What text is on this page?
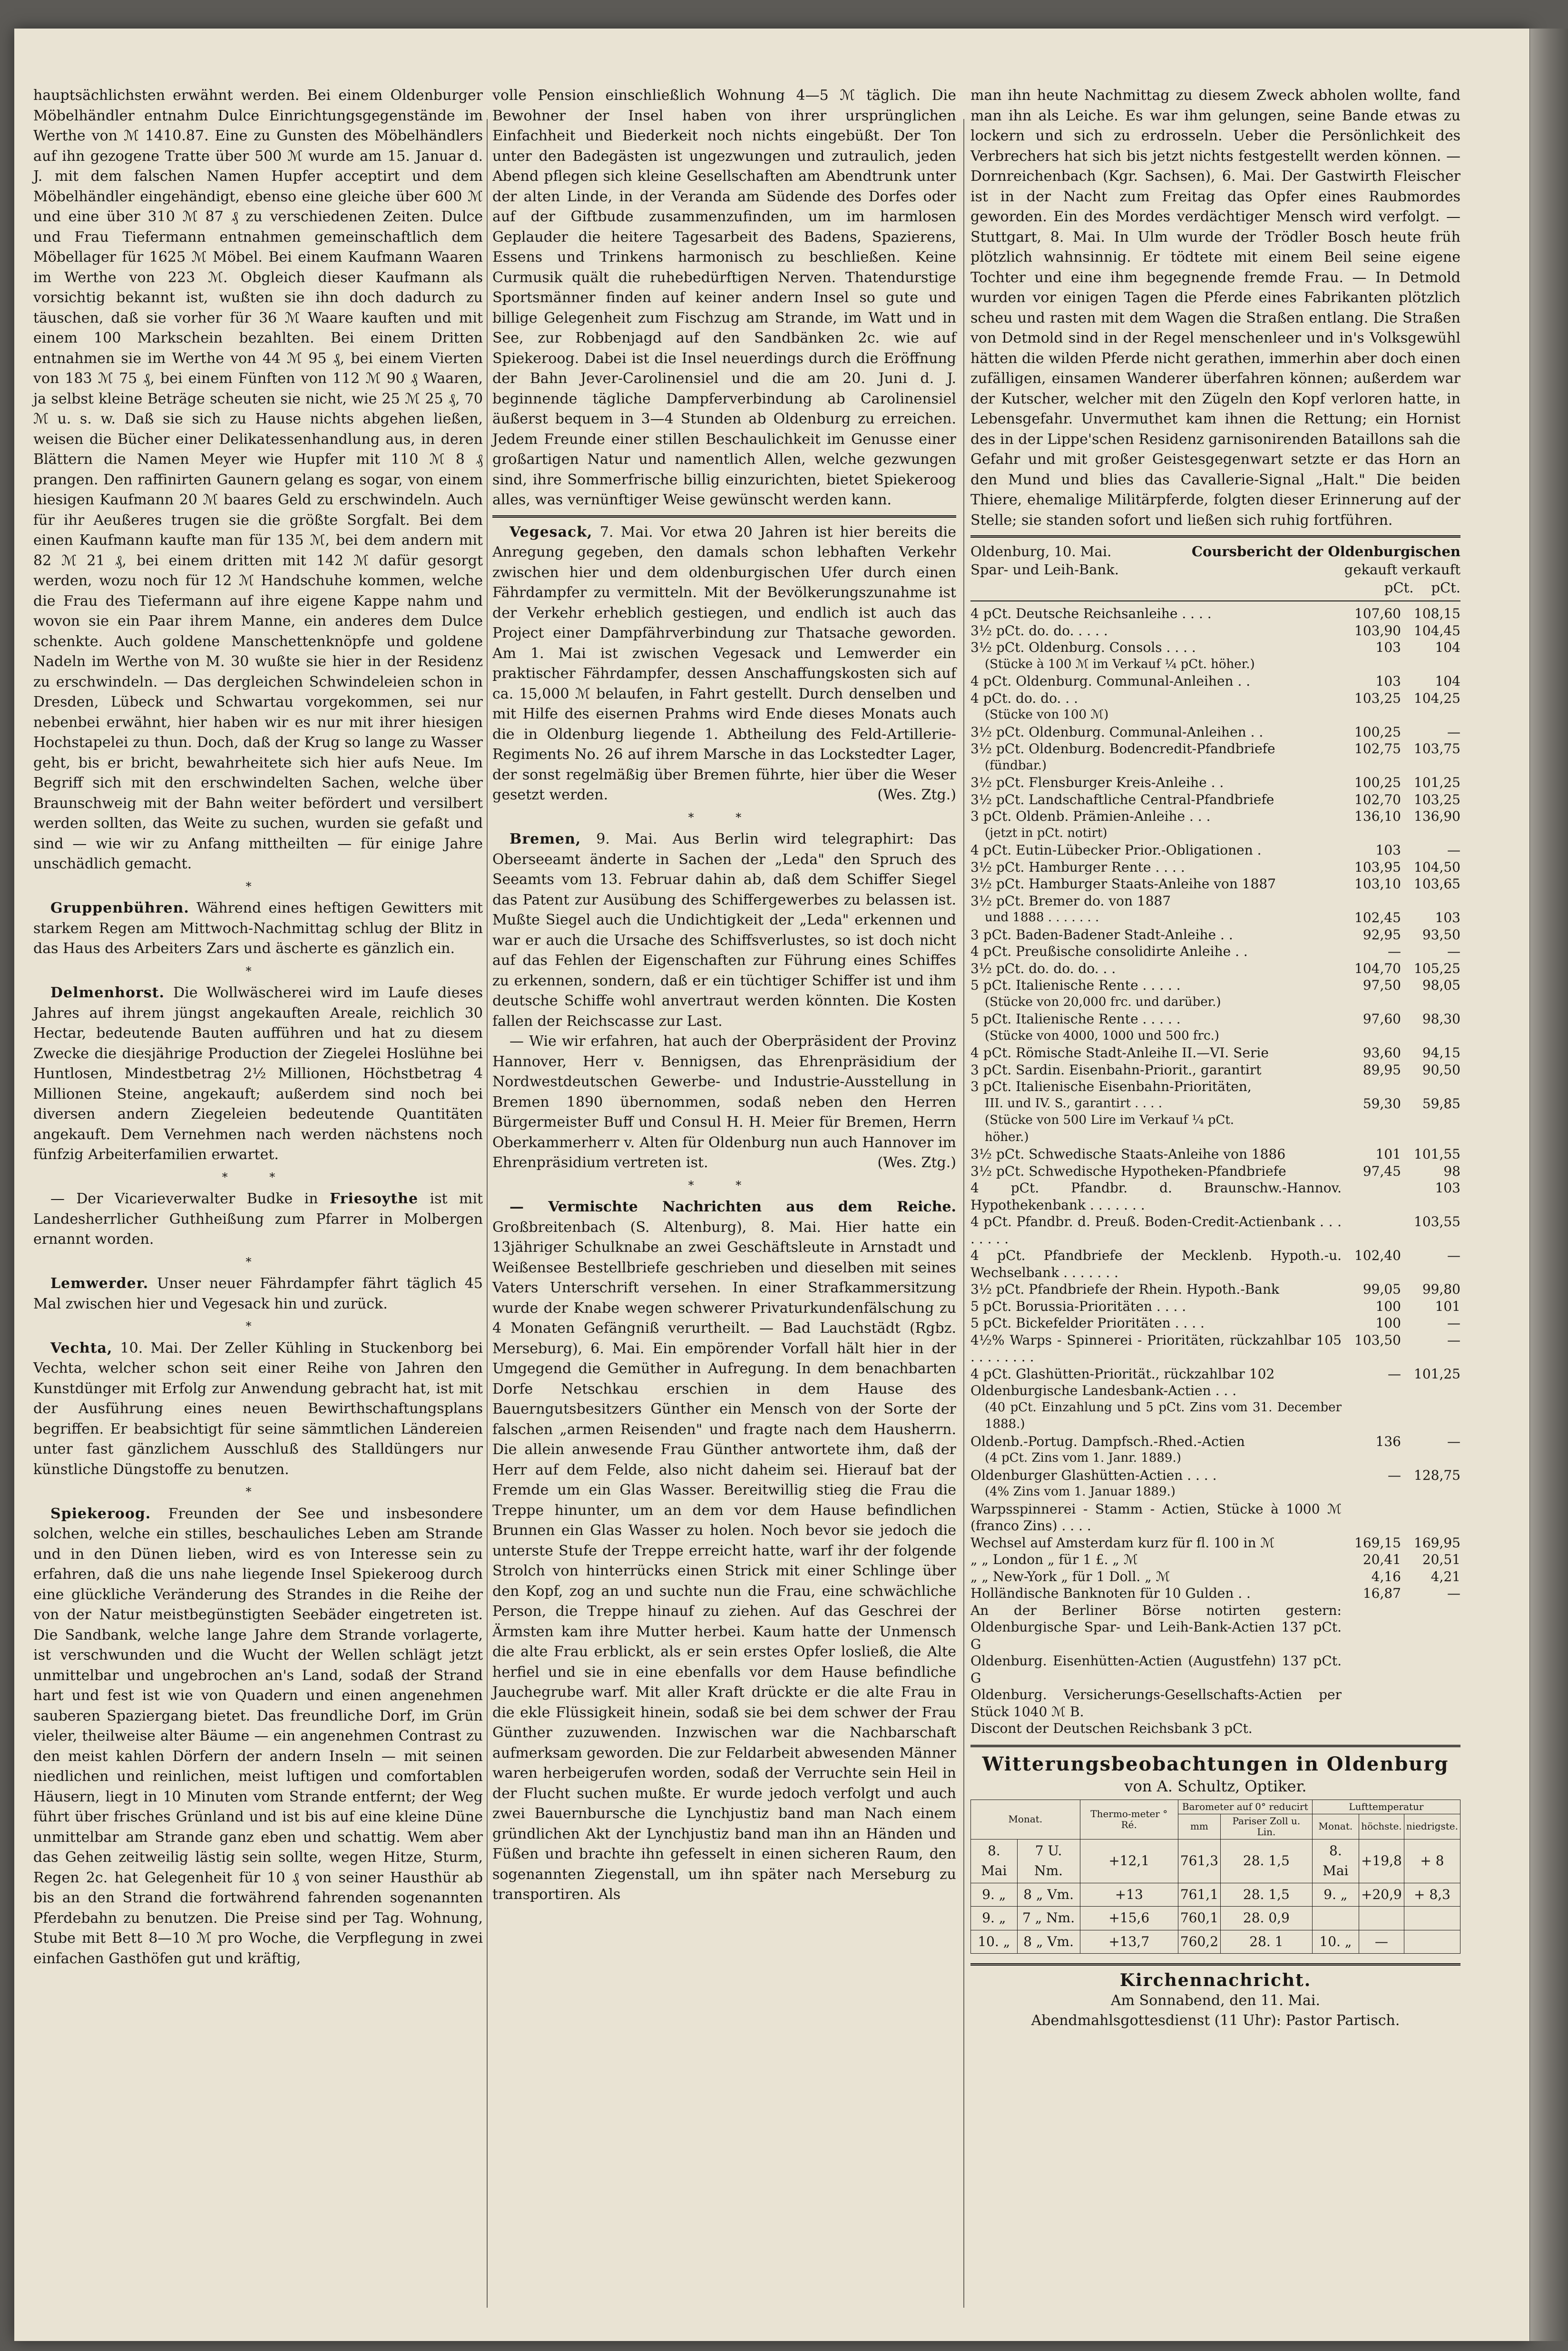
hauptsächlichsten erwähnt werden. Bei einem Oldenburger Möbelhändler entnahm Dulce Einrichtungsgegenstände im Werthe von ℳ 1410.87. Eine zu Gunsten des Möbelhändlers auf ihn gezogene Tratte über 500 ℳ wurde am 15. Januar d. J. mit dem falschen Namen Hupfer acceptirt und dem Möbelhändler eingehändigt, ebenso eine gleiche über 600 ℳ und eine über 310 ℳ 87 ₰ zu verschiedenen Zeiten. Dulce und Frau Tiefermann entnahmen gemeinschaftlich dem Möbellager für 1625 ℳ Möbel. Bei einem Kaufmann Waaren im Werthe von 223 ℳ. Obgleich dieser Kaufmann als vorsichtig bekannt ist, wußten sie ihn doch dadurch zu täuschen, daß sie vorher für 36 ℳ Waare kauften und mit einem 100 Markschein bezahlten. Bei einem Dritten entnahmen sie im Werthe von 44 ℳ 95 ₰, bei einem Vierten von 183 ℳ 75 ₰, bei einem Fünften von 112 ℳ 90 ₰ Waaren, ja selbst kleine Beträge scheuten sie nicht, wie 25 ℳ 25 ₰, 70 ℳ u. s. w. Daß sie sich zu Hause nichts abgehen ließen, weisen die Bücher einer Delikatessenhandlung aus, in deren Blättern die Namen Meyer wie Hupfer mit 110 ℳ 8 ₰ prangen. Den raffinirten Gaunern gelang es sogar, von einem hiesigen Kaufmann 20 ℳ baares Geld zu erschwindeln. Auch für ihr Aeußeres trugen sie die größte Sorgfalt. Bei dem einen Kaufmann kaufte man für 135 ℳ, bei dem andern mit 82 ℳ 21 ₰, bei einem dritten mit 142 ℳ dafür gesorgt werden, wozu noch für 12 ℳ Handschuhe kommen, welche die Frau des Tiefermann auf ihre eigene Kappe nahm und wovon sie ein Paar ihrem Manne, ein anderes dem Dulce schenkte. Auch goldene Manschettenknöpfe und goldene Nadeln im Werthe von M. 30 wußte sie hier in der Residenz zu erschwindeln. — Das dergleichen Schwindeleien schon in Dresden, Lübeck und Schwartau vorgekommen, sei nur nebenbei erwähnt, hier haben wir es nur mit ihrer hiesigen Hochstapelei zu thun. Doch, daß der Krug so lange zu Wasser geht, bis er bricht, bewahrheitete sich hier aufs Neue. Im Begriff sich mit den erschwindelten Sachen, welche über Braunschweig mit der Bahn weiter befördert und versilbert werden sollten, das Weite zu suchen, wurden sie gefaßt und sind — wie wir zu Anfang mittheilten — für einige Jahre unschädlich gemacht.

*

Gruppenbühren. Während eines heftigen Gewitters mit starkem Regen am Mittwoch-Nachmittag schlug der Blitz in das Haus des Arbeiters Zars und äscherte es gänzlich ein.

*

Delmenhorst. Die Wollwäscherei wird im Laufe dieses Jahres auf ihrem jüngst angekauften Areale, reichlich 30 Hectar, bedeutende Bauten aufführen und hat zu diesem Zwecke die diesjährige Production der Ziegelei Hoslühne bei Huntlosen, Mindestbetrag 2½ Millionen, Höchstbetrag 4 Millionen Steine, angekauft; außerdem sind noch bei diversen andern Ziegeleien bedeutende Quantitäten angekauft. Dem Vernehmen nach werden nächstens noch fünfzig Arbeiterfamilien erwartet.

* *

— Der Vicarieverwalter Budke in Friesoythe ist mit Landesherrlicher Guthheißung zum Pfarrer in Molbergen ernannt worden.

*

Lemwerder. Unser neuer Fährdampfer fährt täglich 45 Mal zwischen hier und Vegesack hin und zurück.

*

Vechta, 10. Mai. Der Zeller Kühling in Stuckenborg bei Vechta, welcher schon seit einer Reihe von Jahren den Kunstdünger mit Erfolg zur Anwendung gebracht hat, ist mit der Ausführung eines neuen Bewirthschaftungsplans begriffen. Er beabsichtigt für seine sämmtlichen Ländereien unter fast gänzlichem Ausschluß des Stalldüngers nur künstliche Düngstoffe zu benutzen.

*

Spiekeroog. Freunden der See und insbesondere solchen, welche ein stilles, beschauliches Leben am Strande und in den Dünen lieben, wird es von Interesse sein zu erfahren, daß die uns nahe liegende Insel Spiekeroog durch eine glückliche Veränderung des Strandes in die Reihe der von der Natur meistbegünstigten Seebäder eingetreten ist. Die Sandbank, welche lange Jahre dem Strande vorlagerte, ist verschwunden und die Wucht der Wellen schlägt jetzt unmittelbar und ungebrochen an's Land, sodaß der Strand hart und fest ist wie von Quadern und einen angenehmen sauberen Spaziergang bietet. Das freundliche Dorf, im Grün vieler, theilweise alter Bäume — ein angenehmen Contrast zu den meist kahlen Dörfern der andern Inseln — mit seinen niedlichen und reinlichen, meist luftigen und comfortablen Häusern, liegt in 10 Minuten vom Strande entfernt; der Weg führt über frisches Grünland und ist bis auf eine kleine Düne unmittelbar am Strande ganz eben und schattig. Wem aber das Gehen zeitweilig lästig sein sollte, wegen Hitze, Sturm, Regen 2c. hat Gelegenheit für 10 ₰ von seiner Hausthür ab bis an den Strand die fortwährend fahrenden sogenannten Pferdebahn zu benutzen. Die Preise sind per Tag. Wohnung, Stube mit Bett 8—10 ℳ pro Woche, die Verpflegung in zwei einfachen Gasthöfen gut und kräftig,

volle Pension einschließlich Wohnung 4—5 ℳ täglich. Die Bewohner der Insel haben von ihrer ursprünglichen Einfachheit und Biederkeit noch nichts eingebüßt. Der Ton unter den Badegästen ist ungezwungen und zutraulich, jeden Abend pflegen sich kleine Gesellschaften am Abendtrunk unter der alten Linde, in der Veranda am Südende des Dorfes oder auf der Giftbude zusammenzufinden, um im harmlosen Geplauder die heitere Tagesarbeit des Badens, Spazierens, Essens und Trinkens harmonisch zu beschließen. Keine Curmusik quält die ruhebedürftigen Nerven. Thatendurstige Sportsmänner finden auf keiner andern Insel so gute und billige Gelegenheit zum Fischzug am Strande, im Watt und in See, zur Robbenjagd auf den Sandbänken 2c. wie auf Spiekeroog. Dabei ist die Insel neuerdings durch die Eröffnung der Bahn Jever-Carolinensiel und die am 20. Juni d. J. beginnende tägliche Dampferverbindung ab Carolinensiel äußerst bequem in 3—4 Stunden ab Oldenburg zu erreichen. Jedem Freunde einer stillen Beschaulichkeit im Genusse einer großartigen Natur und namentlich Allen, welche gezwungen sind, ihre Sommerfrische billig einzurichten, bietet Spiekeroog alles, was vernünftiger Weise gewünscht werden kann.

Vegesack, 7. Mai. Vor etwa 20 Jahren ist hier bereits die Anregung gegeben, den damals schon lebhaften Verkehr zwischen hier und dem oldenburgischen Ufer durch einen Fährdampfer zu vermitteln. Mit der Bevölkerungszunahme ist der Verkehr erheblich gestiegen, und endlich ist auch das Project einer Dampfährverbindung zur Thatsache geworden. Am 1. Mai ist zwischen Vegesack und Lemwerder ein praktischer Fährdampfer, dessen Anschaffungskosten sich auf ca. 15,000 ℳ belaufen, in Fahrt gestellt. Durch denselben und mit Hilfe des eisernen Prahms wird Ende dieses Monats auch die in Oldenburg liegende 1. Abtheilung des Feld-Artillerie-Regiments No. 26 auf ihrem Marsche in das Lockstedter Lager, der sonst regelmäßig über Bremen führte, hier über die Weser gesetzt werden.	(Wes. Ztg.)

* *

Bremen, 9. Mai. Aus Berlin wird telegraphirt: Das Oberseeamt änderte in Sachen der „Leda" den Spruch des Seeamts vom 13. Februar dahin ab, daß dem Schiffer Siegel das Patent zur Ausübung des Schiffergewerbes zu belassen ist. Mußte Siegel auch die Undichtigkeit der „Leda" erkennen und war er auch die Ursache des Schiffsverlustes, so ist doch nicht auf das Fehlen der Eigenschaften zur Führung eines Schiffes zu erkennen, sondern, daß er ein tüchtiger Schiffer ist und ihm deutsche Schiffe wohl anvertraut werden könnten. Die Kosten fallen der Reichscasse zur Last.

— Wie wir erfahren, hat auch der Oberpräsident der Provinz Hannover, Herr v. Bennigsen, das Ehrenpräsidium der Nordwestdeutschen Gewerbe- und Industrie-Ausstellung in Bremen 1890 übernommen, sodaß neben den Herren Bürgermeister Buff und Consul H. H. Meier für Bremen, Herrn Oberkammerherr v. Alten für Oldenburg nun auch Hannover im Ehrenpräsidium vertreten ist.	(Wes. Ztg.)

* *

— Vermischte Nachrichten aus dem Reiche. Großbreitenbach (S. Altenburg), 8. Mai. Hier hatte ein 13jähriger Schulknabe an zwei Geschäftsleute in Arnstadt und Weißensee Bestellbriefe geschrieben und dieselben mit seines Vaters Unterschrift versehen. In einer Strafkammersitzung wurde der Knabe wegen schwerer Privaturkundenfälschung zu 4 Monaten Gefängniß verurtheilt. — Bad Lauchstädt (Rgbz. Merseburg), 6. Mai. Ein empörender Vorfall hält hier in der Umgegend die Gemüther in Aufregung. In dem benachbarten Dorfe Netschkau erschien in dem Hause des Bauerngutsbesitzers Günther ein Mensch von der Sorte der falschen „armen Reisenden" und fragte nach dem Hausherrn. Die allein anwesende Frau Günther antwortete ihm, daß der Herr auf dem Felde, also nicht daheim sei. Hierauf bat der Fremde um ein Glas Wasser. Bereitwillig stieg die Frau die Treppe hinunter, um an dem vor dem Hause befindlichen Brunnen ein Glas Wasser zu holen. Noch bevor sie jedoch die unterste Stufe der Treppe erreicht hatte, warf ihr der folgende Strolch von hinterrücks einen Strick mit einer Schlinge über den Kopf, zog an und suchte nun die Frau, eine schwächliche Person, die Treppe hinauf zu ziehen. Auf das Geschrei der Ärmsten kam ihre Mutter herbei. Kaum hatte der Unmensch die alte Frau erblickt, als er sein erstes Opfer losließ, die Alte herfiel und sie in eine ebenfalls vor dem Hause befindliche Jauchegrube warf. Mit aller Kraft drückte er die alte Frau in die ekle Flüssigkeit hinein, sodaß sie bei dem schwer der Frau Günther zuzuwenden. Inzwischen war die Nachbarschaft aufmerksam geworden. Die zur Feldarbeit abwesenden Männer waren herbeigerufen worden, sodaß der Verruchte sein Heil in der Flucht suchen mußte. Er wurde jedoch verfolgt und auch zwei Bauernbursche die Lynchjustiz band man Nach einem gründlichen Akt der Lynchjustiz band man ihn an Händen und Füßen und brachte ihn gefesselt in einen sicheren Raum, den sogenannten Ziegenstall, um ihn später nach Merseburg zu transportiren. Als

man ihn heute Nachmittag zu diesem Zweck abholen wollte, fand man ihn als Leiche. Es war ihm gelungen, seine Bande etwas zu lockern und sich zu erdrosseln. Ueber die Persönlichkeit des Verbrechers hat sich bis jetzt nichts festgestellt werden können. — Dornreichenbach (Kgr. Sachsen), 6. Mai. Der Gastwirth Fleischer ist in der Nacht zum Freitag das Opfer eines Raubmordes geworden. Ein des Mordes verdächtiger Mensch wird verfolgt. — Stuttgart, 8. Mai. In Ulm wurde der Trödler Bosch heute früh plötzlich wahnsinnig. Er tödtete mit einem Beil seine eigene Tochter und eine ihm begegnende fremde Frau. — In Detmold wurden vor einigen Tagen die Pferde eines Fabrikanten plötzlich scheu und rasten mit dem Wagen die Straßen entlang. Die Straßen von Detmold sind in der Regel menschenleer und in's Volksgewühl hätten die wilden Pferde nicht gerathen, immerhin aber doch einen zufälligen, einsamen Wanderer überfahren können; außerdem war der Kutscher, welcher mit den Zügeln den Kopf verloren hatte, in Lebensgefahr. Unvermuthet kam ihnen die Rettung; ein Hornist des in der Lippe'schen Residenz garnisonirenden Bataillons sah die Gefahr und mit großer Geistesgegenwart setzte er das Horn an den Mund und blies das Cavallerie-Signal „Halt." Die beiden Thiere, ehemalige Militärpferde, folgten dieser Erinnerung auf der Stelle; sie standen sofort und ließen sich ruhig fortführen.

Oldenburg, 10. Mai.
Spar- und Leih-Bank.
Coursbericht der Oldenburgischen
gekauft verkauft
pCt. pCt.
4 pCt. Deutsche Reichsanleihe . . . .	107,60	108,15
3½ pCt. do. do. . . . .	103,90	104,45
3½ pCt. Oldenburg. Consols . . . .	103	104
(Stücke à 100 ℳ im Verkauf ¼ pCt. höher.)		
4 pCt. Oldenburg. Communal-Anleihen . .	103	104
4 pCt. do. do. . .	103,25	104,25
(Stücke von 100 ℳ)		
3½ pCt. Oldenburg. Communal-Anleihen . .	100,25	—
3½ pCt. Oldenburg. Bodencredit-Pfandbriefe	102,75	103,75
(fündbar.)		
3½ pCt. Flensburger Kreis-Anleihe . .	100,25	101,25
3½ pCt. Landschaftliche Central-Pfandbriefe	102,70	103,25
3 pCt. Oldenb. Prämien-Anleihe . . .	136,10	136,90
(jetzt in pCt. notirt)		
4 pCt. Eutin-Lübecker Prior.-Obligationen .	103	—
3½ pCt. Hamburger Rente . . . .	103,95	104,50
3½ pCt. Hamburger Staats-Anleihe von 1887	103,10	103,65
3½ pCt. Bremer do. von 1887		
und 1888 . . . . . . .	102,45	103
3 pCt. Baden-Badener Stadt-Anleihe . .	92,95	93,50
4 pCt. Preußische consolidirte Anleihe . .	—	—
3½ pCt. do. do. do. . .	104,70	105,25
5 pCt. Italienische Rente . . . . .	97,50	98,05
(Stücke von 20,000 frc. und darüber.)		
5 pCt. Italienische Rente . . . . .	97,60	98,30
(Stücke von 4000, 1000 und 500 frc.)		
4 pCt. Römische Stadt-Anleihe II.—VI. Serie	93,60	94,15
3 pCt. Sardin. Eisenbahn-Priorit., garantirt	89,95	90,50
3 pCt. Italienische Eisenbahn-Prioritäten,		
III. und IV. S., garantirt . . . .	59,30	59,85
(Stücke von 500 Lire im Verkauf ¼ pCt.		
höher.)		
3½ pCt. Schwedische Staats-Anleihe von 1886	101	101,55
3½ pCt. Schwedische Hypotheken-Pfandbriefe	97,45	98
4 pCt. Pfandbr. d. Braunschw.-Hannov. Hypothekenbank . . . . . . .		103
4 pCt. Pfandbr. d. Preuß. Boden-Credit-Actienbank . . . . . . . .		103,55
4 pCt. Pfandbriefe der Mecklenb. Hypoth.-u. Wechselbank . . . . . . .	102,40	—
3½ pCt. Pfandbriefe der Rhein. Hypoth.-Bank	99,05	99,80
5 pCt. Borussia-Prioritäten . . . .	100	101
5 pCt. Bickefelder Prioritäten . . . .	100	—
4½% Warps - Spinnerei - Prioritäten, rückzahlbar 105 . . . . . . . .	103,50	—
4 pCt. Glashütten-Priorität., rückzahlbar 102	—	101,25
Oldenburgische Landesbank-Actien . . .		
(40 pCt. Einzahlung und 5 pCt. Zins vom 31. December 1888.)		
Oldenb.-Portug. Dampfsch.-Rhed.-Actien	136	—
(4 pCt. Zins vom 1. Janr. 1889.)		
Oldenburger Glashütten-Actien . . . .	—	128,75
(4% Zins vom 1. Januar 1889.)		
Warpsspinnerei - Stamm - Actien, Stücke à 1000 ℳ (franco Zins) . . . .		
Wechsel auf Amsterdam kurz für fl. 100 in ℳ	169,15	169,95
„ „ London „ für 1 £. „ ℳ	20,41	20,51
„ „ New-York „ für 1 Doll. „ ℳ	4,16	4,21
Holländische Banknoten für 10 Gulden . .	16,87	—
An der Berliner Börse notirten gestern: Oldenburgische Spar- und Leih-Bank-Actien 137 pCt. G		
Oldenburg. Eisenhütten-Actien (Augustfehn) 137 pCt. G		
Oldenburg. Versicherungs-Gesellschafts-Actien per Stück 1040 ℳ B.		
Discont der Deutschen Reichsbank 3 pCt.		
Witterungsbeobachtungen in Oldenburg
von A. Schultz, Optiker.
Monat.		Thermo-meter ° Ré.	Barometer auf 0° reducirt		Lufttemperatur		
			mm	Pariser Zoll u. Lin.	Monat.	höchste.	niedrigste.
8. Mai	7 U. Nm.	+12,1	761,3	28. 1,5	8. Mai	+19,8	+ 8
9. „	8 „ Vm.	+13	761,1	28. 1,5	9. „	+20,9	+ 8,3
9. „	7 „ Nm.	+15,6	760,1	28. 0,9			
10. „	8 „ Vm.	+13,7	760,2	28. 1	10. „	—	
Kirchennachricht.
Am Sonnabend, den 11. Mai.
Abendmahlsgottesdienst (11 Uhr): Pastor Partisch.
